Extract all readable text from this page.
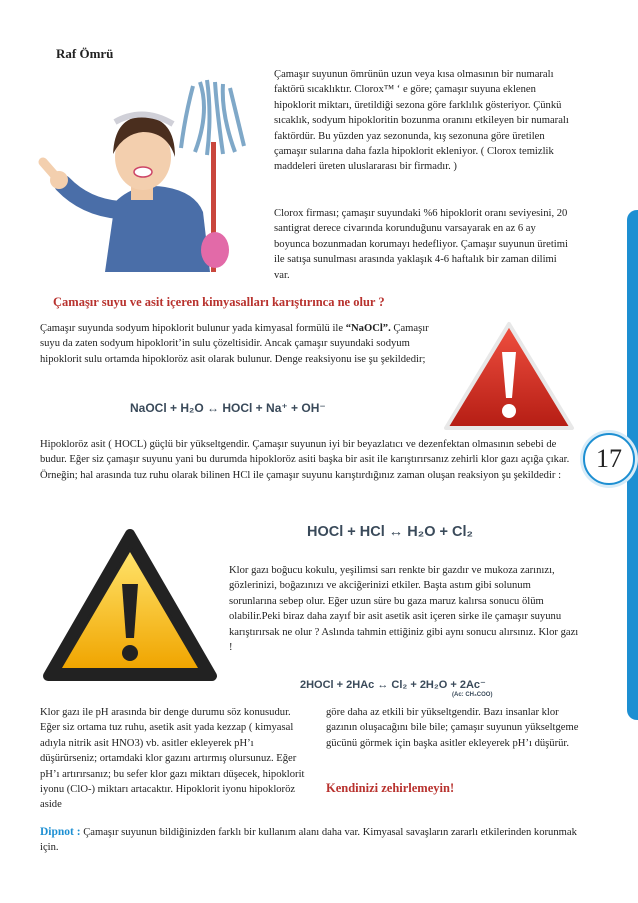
17
Raf Ömrü
Çamaşır suyunun ömrünün uzun veya kısa olmasının bir numaralı faktörü sıcaklıktır. Clorox™ ‘ e göre; çamaşır suyuna eklenen hipoklorit miktarı, üretildiği sezona göre farklılık gösteriyor. Çünkü sıcaklık, sodyum hipokloritin bozunma oranını etkileyen bir numaralı faktördür. Bu yüzden yaz sezonunda, kış sezonuna göre üretilen çamaşır sularına daha fazla hipoklorit ekleniyor. ( Clorox temizlik maddeleri üreten uluslararası bir firmadır. )
Clorox firması; çamaşır suyundaki %6 hipoklorit oranı seviyesini, 20 santigrat derece civarında korunduğunu varsayarak en az 6 ay boyunca bozunmadan korumayı hedefliyor. Çamaşır suyunun üretimi ile satışa sunulması arasında yaklaşık 4-6 haftalık bir zaman dilimi var.
Çamaşır suyu ve asit içeren kimyasalları karıştırınca ne olur ?
Çamaşır suyunda sodyum hipoklorit bulunur yada kimyasal formülü ile “NaOCl”. Çamaşır suyu da zaten sodyum hipoklorit’in sulu çözeltisidir. Ancak çamaşır suyundaki sodyum hipoklorit sulu ortamda hipokloröz asit olarak bulunur. Denge reaksiyonu ise şu şekildedir;
NaOCl + H₂O ↔ HOCl + Na⁺ + OH⁻
Hipokloröz asit ( HOCL) güçlü bir yükseltgendir. Çamaşır suyunun iyi bir beyazlatıcı ve dezenfektan olmasının sebebi de budur. Eğer siz çamaşır suyunu yani bu durumda hipokloröz asiti başka bir asit ile karıştırırsanız zehirli klor gazı açığa çıkar. Örneğin; hal arasında tuz ruhu olarak bilinen HCl ile çamaşır suyunu karıştırdığınız zaman oluşan reaksiyon şu şekildedir :
HOCl + HCl ↔ H₂O + Cl₂
Klor gazı boğucu kokulu, yeşilimsi sarı renkte bir gazdır ve mukoza zarınızı, gözlerinizi, boğazınızı ve akciğerinizi etkiler. Başta astım gibi solunum sorunlarına sebep olur. Eğer uzun süre bu gaza maruz kalırsa sonucu ölüm olabilir.Peki biraz daha zayıf bir asit asetik asit içeren sirke ile çamaşır suyunu karıştırırsak ne olur ? Aslında tahmin ettiğiniz gibi aynı sonucu alırsınız. Klor gazı !
2HOCl + 2HAc ↔ Cl₂ + 2H₂O + 2Ac⁻
(Ac: CH₃COO)
Klor gazı ile pH arasında bir denge durumu söz konusudur. Eğer siz ortama tuz ruhu, asetik asit yada kezzap ( kimyasal adıyla nitrik asit HNO3) vb. asitler ekleyerek pH’ı düşürürseniz; ortamdaki klor gazını artırmış olursunuz. Eğer pH’ı artırırsanız; bu sefer klor gazı miktarı düşecek, hipoklorit iyonu (ClO-) miktarı artacaktır. Hipoklorit iyonu hipokloröz aside
göre daha az etkili bir yükseltgendir. Bazı insanlar klor gazının oluşacağını bile bile; çamaşır suyunun yükseltgeme gücünü görmek için başka asitler ekleyerek pH’ı düşürür.
Kendinizi zehirlemeyin!
Dipnot : Çamaşır suyunun bildiğinizden farklı bir kullanım alanı daha var. Kimyasal savaşların zararlı etkilerinden korunmak için.
